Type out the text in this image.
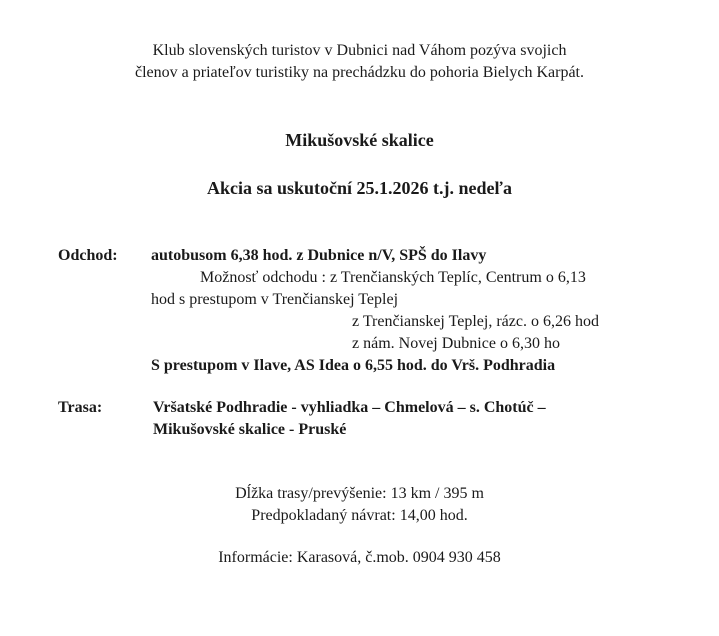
Klub slovenských turistov v Dubnici nad Váhom pozýva svojich
členov a priateľov turistiky na prechádzku do pohoria Bielych Karpát.
Mikušovské skalice
Akcia sa uskutoční 25.1.2026 t.j. nedeľa
Odchod: autobusom 6,38 hod. z Dubnice n/V, SPŠ do Ilavy
Možnosť odchodu : z Trenčianských Teplíc, Centrum o 6,13
hod s prestupom v Trenčianskej Teplej
z Trenčianskej Teplej, rázc. o 6,26 hod
z nám. Novej Dubnice o 6,30 ho
S prestupom v Ilave, AS Idea o 6,55 hod. do Vrš. Podhradia
Trasa:	Vršatské Podhradie - vyhliadka – Chmelová – s. Chotúč –
Mikušovské skalice - Pruské
Dĺžka trasy/prevýšenie: 13 km / 395 m
Predpokladaný návrat: 14,00 hod.
Informácie: Karasová, č.mob. 0904 930 458
